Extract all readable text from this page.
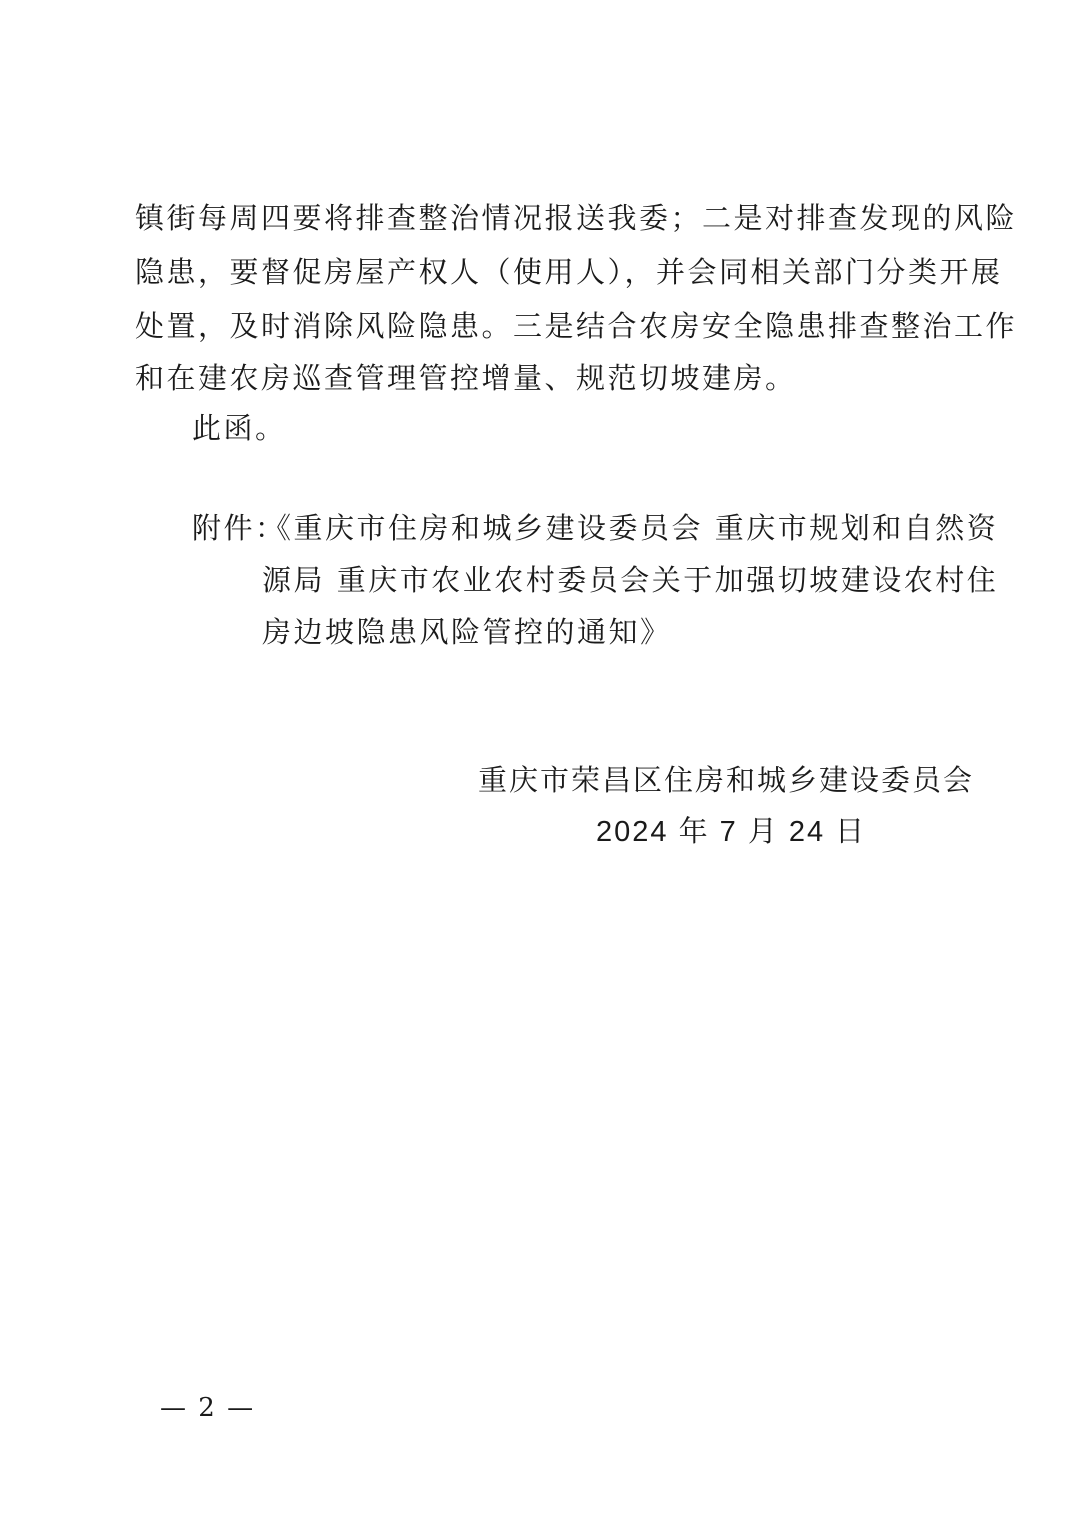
镇街每周四要将排查整治情况报送我委；二是对排查发现的风险
隐患，要督促房屋产权人（使用人），并会同相关部门分类开展
处置，及时消除风险隐患。三是结合农房安全隐患排查整治工作
和在建农房巡查管理管控增量、规范切坡建房。
此函。
附件：
《重庆市住房和城乡建设委员会 重庆市规划和自然资
源局 重庆市农业农村委员会关于加强切坡建设农村住
房边坡隐患风险管控的通知》
重庆市荣昌区住房和城乡建设委员会
2024 年 7 月 24 日
— 2 —
